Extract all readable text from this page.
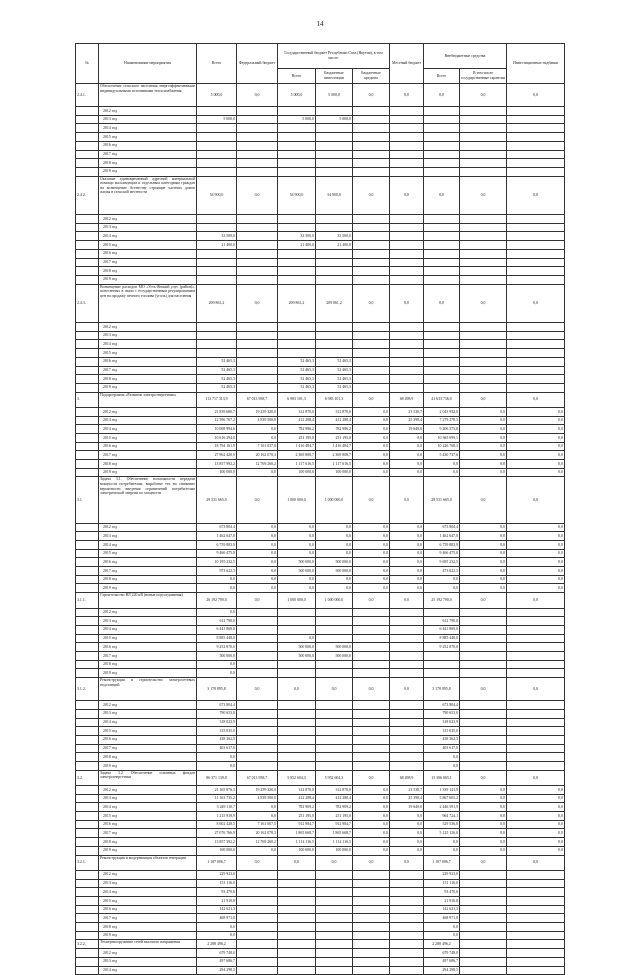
14
№	Наименование мероприятия	Всего	Федеральный бюджет	Государственный бюджет Республики Саха (Якутия), в том числе:			Местный бюджет	Внебюджетные средства		Инвестиционные надбавки
				Всего	Бюджетные инвестиции	Бюджетные кредиты		Всего	В том числе государственные гарантии	
2.4.1.	Обеспечение сельского населения энергоэффективными индивидуальными источниками теплоснабжения	5 000,0	0,0	5 000,0	5 000,0	0,0	0,0	0,0	0,0	0,0
	2012 год									
	2013 год	5 000,0		5 000,0	5 000,0					
	2014 год									
	2015 год									
	2016 год									
	2017 год									
	2018 год									
	2019 год									
2.4.2.	Оказание единовременной адресной материальной помощи малоимущим и отдельным категориям граждан на возмещение Агентству строящие частных домов жилья в сельской местности	54 900,0	0,0	54 900,0	54 900,0	0,0	0,0	0,0	0,0	0,0
	2012 год									
	2013 год									
	2014 год	33 500,0		33 500,0	33 500,0					
	2015 год	21 400,0		21 400,0	21 400,0					
	2016 год									
	2017 год									
	2018 год									
	2019 год									
2.4.3.	Возмещение расходов МО «Усть-Янский улус (район)», понесенных в связи с государственным регулированием цен на продажу печного топлива (уголь) для населения	209 861,2	0,0	209 861,2	209 861,2	0,0	0,0	0,0	0,0	0,0
	2012 год									
	2013 год									
	2014 год									
	2015 год									
	2016 год	52 465,3		52 465,3	52 465,3					
	2017 год	52 465,3		52 465,3	52 465,3					
	2018 год	52 465,3		52 465,3	52 465,3					
	2019 год	52 465,3		52 465,3	52 465,3					
3.	Подпрограмма «Развитие электроэнергетики»	113 717 313,9	67 013 958,7	6 983 101,3	6 983 101,3	0,0	68 498,9	41 633 736,0	0,0	0,0
	2012 год	21 839 680,7	19 259 320,0	312 870,0	312 870,0	0,0	23 538,7	2 043 952,0	0,0	0,0
	2013 год	12 596 767,2	4 839 500,0	412 288,4	412 288,4	0,0	25 398,4	7 279 278,3	0,0	0,0
	2014 год	10 008 994,6	0,0	782 986,2	782 986,2	0,0	19 649,8	9 206 375,8	0,0	0,0
	2015 год	10 616 294,0	0,0	251 195,0	251 195,0	0,0	0,0	10 365 099,1	0,0	0,0
	2016 год	18 794 161,9	7 161 037,0	1 416 484,7	1 416 484,7	0,0	0,0	10 226 768,3	0,0	0,0
	2017 год	27 962 420,9	20 162 078,3	2 369 808,7	2 369 808,7	0,0	0,0	5 430 737,6	0,0	0,0
	2018 год	13 857 992,2	12 769 260,2	1 117 616,5	1 117 616,5	0,0	0,0	0,0	0,0	0,0
	2019 год	100 000,0	0,0	100 000,0	100 000,0	0,0	0,0	0,0	0,0	0,0
3.1.	Задача 3.1. Обеспечение возможности передачи мощности потребителям, выработке тех на снижение вероятности введения ограничений потребителям электрической энергии по мощности	29 531 665,0	0,0	1 000 000,0	1 000 000,0	0,0	0,0	28 531 665,0	0,0	0,0
	2012 год	673 804,4	0,0	0,0	0,0	0,0	0,0	673 804,4	0,0	0,0
	2013 год	1 462 647,0	0,0	0,0	0,0	0,0	0,0	1 462 647,0	0,0	0,0
	2014 год	6 759 883,9	0,0	0,0	0,0	0,0	0,0	6 759 883,9	0,0	0,0
	2015 год	9 466 475,0	0,0	0,0	0,0	0,0	0,0	9 466 475,0	0,0	0,0
	2016 год	10 195 232,5	0,0	500 000,0	500 000,0	0,0	0,0	9 695 232,5	0,0	0,0
	2017 год	973 622,3	0,0	500 000,0	500 000,0	0,0	0,0	473 622,3	0,0	0,0
	2018 год	0,0	0,0	0,0	0,0	0,0	0,0	0,0	0,0	0,0
	2019 год	0,0	0,0	0,0	0,0	0,0	0,0	0,0	0,0	0,0
3.1.1.	Строительство ВЛ 220 кВ (новые подсоединения)	26 192 790,0	0,0	1 000 000,0	1 000 000,0	0,0	0,0	25 192 790,0	0,0	0,0
	2012 год	0,0								
	2013 год	612 790,0						612 790,0		
	2014 год	6 441 869,0						6 441 869,0		
	2015 год	8 885 448,0		0,0				8 885 448,0		
	2016 год	9 252 870,0		500 000,0	500 000,0			9 252 870,0		
	2017 год	500 000,0		500 000,0	500 000,0					
	2018 год	0,0								
	2019 год	0,0								
3.1.2.	Реконструкция и строительство электросетевых подстанций	3 178 895,8	0,0	0,0	0,0	0,0	0,0	3 178 895,8	0,0	0,0
	2012 год	673 804,4						673 804,4		
	2013 год	790 653,0						790 653,0		
	2014 год	318 023,9						318 023,9		
	2015 год	315 035,0						315 035,0		
	2016 год	438 362,5						438 362,5		
	2017 год	403 617,0						403 617,0		
	2018 год	0,0						0,0		
	2019 год	0,0						0,0		
3.2.	Задача 3.2. Обеспечение основных фондов электроэнергетики	86 371 139,8	67 013 958,7	5 952 604,3	5 952 604,3	0,0	68 498,9	13 306 065,1	0,0	0,0
	2012 год	21 165 876,3	19 259 320,0	312 870,0	312 870,0	0,0	23 538,7	1 339 141,9	0,0	0,0
	2013 год	11 163 735,2	4 839 500,0	412 288,4	412 288,4	0,0	25 398,4	5 867 605,2	0,0	0,0
	2014 год	3 249 110,7	0,0	782 909,2	782 909,2	0,0	19 649,8	2 446 591,9	0,0	0,0
	2015 год	1 215 919,9	0,0	251 195,0	251 195,0	0,0	0,0	964 724,1	0,0	0,0
	2016 год	8 602 428,5	7 161 007,5	912 984,7	912 984,7	0,0	0,0	529 536,0	0,0	0,0
	2017 год	27 076 766,9	20 162 078,3	1 865 668,7	1 865 668,7	0,0	0,0	5 125 126,0	0,0	0,0
	2018 год	13 857 392,2	12 769 260,2	1 114 116,5	1 114 116,5	0,0	0,0	0,0	0,0	0,0
	2019 год	100 000,0	0,0	100 000,0	100 000,0	0,0	0,0	0,0	0,0	0,0
3.2.1.	Реконструкция и модернизация объектов генерации	1 107 006,7	0,0	0,0	0,0	0,0	0,0	1 107 006,7	0,0	0,0
	2012 год	229 923,0						229 923,0		
	2013 год	151 116,0						151 116,0		
	2014 год	93 470,6						93 470,6		
	2015 год	21 910,8						21 910,8		
	2016 год	142 621,3						142 621,3		
	2017 год	468 971,0						468 971,0		
	2018 год	0,0						0,0		
	2019 год	0,0						0,0		
3.2.2.	Техперевооружение сетей высокого напряжения	2 288 496,2						2 288 496,2		
	2012 год	679 748,0						679 748,0		
	2013 год	497 686,7						497 686,7		
	2014 год	294 298,5						294 298,5		
